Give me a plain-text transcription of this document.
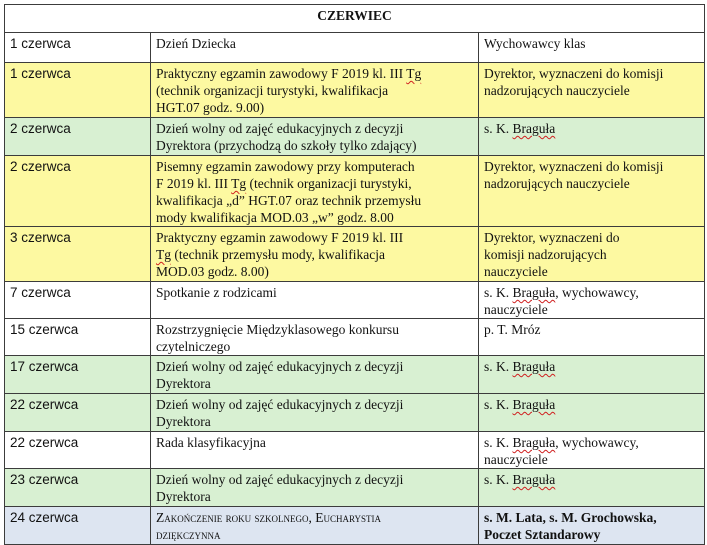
CZERWIEC		
1 czerwca	Dzień Dziecka	Wychowawcy klas
1 czerwca	Praktyczny egzamin zawodowy F 2019 kl. III Tg
(technik organizacji turystyki, kwalifikacja
HGT.07 godz. 9.00)	Dyrektor, wyznaczeni do komisji
nadzorujących nauczyciele
2 czerwca	Dzień wolny od zajęć edukacyjnych z decyzji
Dyrektora (przychodzą do szkoły tylko zdający)	s. K. Braguła
2 czerwca	Pisemny egzamin zawodowy przy komputerach
F 2019 kl. III Tg (technik organizacji turystyki,
kwalifikacja „d” HGT.07 oraz technik przemysłu
mody kwalifikacja MOD.03 „w” godz. 8.00	Dyrektor, wyznaczeni do komisji
nadzorujących nauczyciele
3 czerwca	Praktyczny egzamin zawodowy F 2019 kl. III
Tg (technik przemysłu mody, kwalifikacja
MOD.03 godz. 8.00)	Dyrektor, wyznaczeni do
komisji nadzorujących
nauczyciele
7 czerwca	Spotkanie z rodzicami	s. K. Braguła, wychowawcy,
nauczyciele
15 czerwca	Rozstrzygnięcie Międzyklasowego konkursu
czytelniczego	p. T. Mróz
17 czerwca	Dzień wolny od zajęć edukacyjnych z decyzji
Dyrektora	s. K. Braguła
22 czerwca	Dzień wolny od zajęć edukacyjnych z decyzji
Dyrektora	s. K. Braguła
22 czerwca	Rada klasyfikacyjna	s. K. Braguła, wychowawcy,
nauczyciele
23 czerwca	Dzień wolny od zajęć edukacyjnych z decyzji
Dyrektora	s. K. Braguła
24 czerwca	Zakończenie roku szkolnego, Eucharystia
dziękczynna	s. M. Lata, s. M. Grochowska,
Poczet Sztandarowy
